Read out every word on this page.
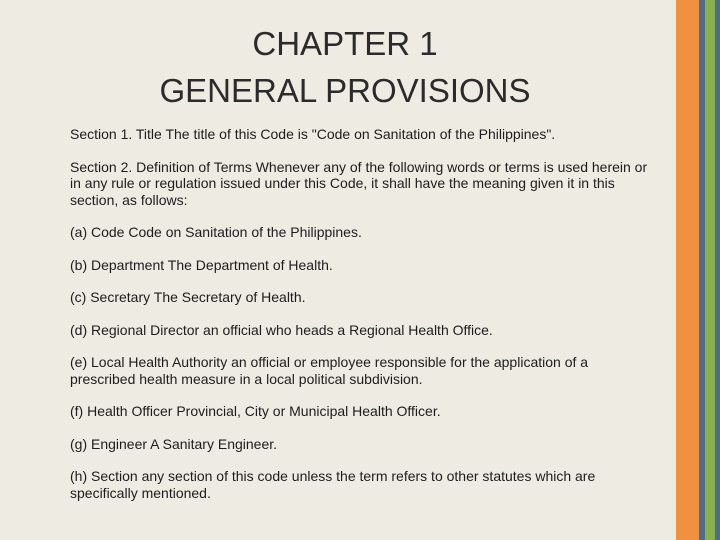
CHAPTER 1
GENERAL PROVISIONS

Section 1. Title The title of this Code is "Code on Sanitation of the Philippines".

Section 2. Definition of Terms Whenever any of the following words or terms is used herein or in any rule or regulation issued under this Code, it shall have the meaning given it in this section, as follows:

(a) Code Code on Sanitation of the Philippines.

(b) Department The Department of Health.

(c) Secretary The Secretary of Health.

(d) Regional Director an official who heads a Regional Health Office.

(e) Local Health Authority an official or employee responsible for the application of a prescribed health measure in a local political subdivision.

(f) Health Officer Provincial, City or Municipal Health Officer.

(g) Engineer A Sanitary Engineer.

(h) Section any section of this code unless the term refers to other statutes which are specifically mentioned.
